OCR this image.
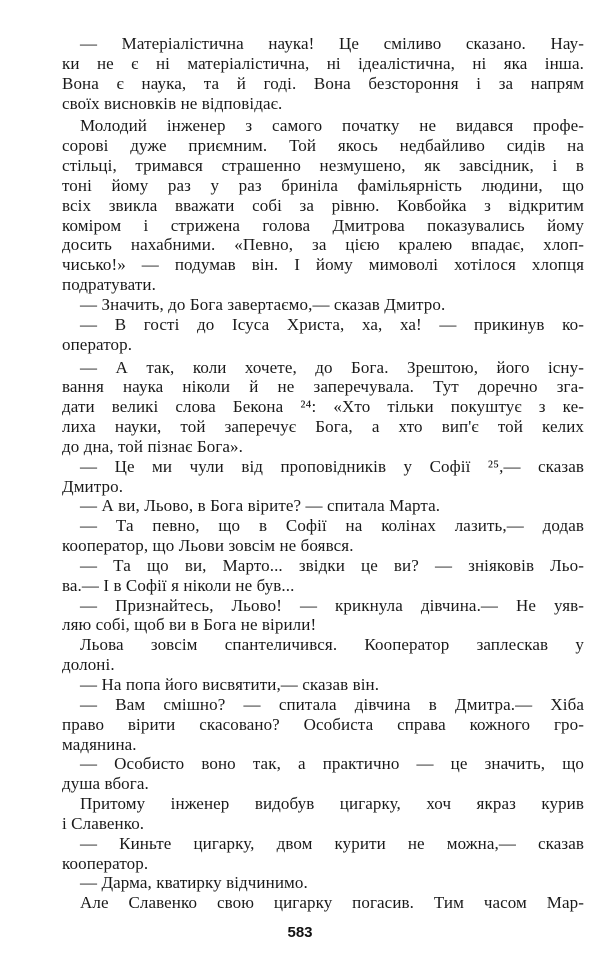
— Матеріалістична наука! Це сміливо сказано. Нау-
ки не є ні матеріалістична, ні ідеалістична, ні яка інша.
Вона є наука, та й годі. Вона безстороння і за напрям
своїх висновків не відповідає.
Молодий інженер з самого початку не видався профе-
сорові дуже приємним. Той якось недбайливо сидів на
стільці, тримався страшенно незмушено, як завсідник, і в
тоні йому раз у раз бриніла фамільярність людини, що
всіх звикла вважати собі за рівню. Ковбойка з відкритим
коміром і стрижена голова Дмитрова показувались йому
досить нахабними. «Певно, за цією кралею впадає, хлоп-
чисько!» — подумав він. І йому мимоволі хотілося хлопця
подратувати.
— Значить, до Бога завертаємо,— сказав Дмитро.
— В гості до Ісуса Христа, ха, ха! — прикинув ко-
оператор.
— А так, коли хочете, до Бога. Зрештою, його існу-
вання наука ніколи й не заперечувала. Тут доречно зга-
дати великі слова Бекона ²⁴: «Хто тільки покуштує з ке-
лиха науки, той заперечує Бога, а хто вип'є той келих
до дна, той пізнає Бога».
— Це ми чули від проповідників у Софії ²⁵,— сказав
Дмитро.
— А ви, Льово, в Бога вірите? — спитала Марта.
— Та певно, що в Софії на колінах лазить,— додав
кооператор, що Льови зовсім не боявся.
— Та що ви, Марто... звідки це ви? — зніяковів Льо-
ва.— І в Софії я ніколи не був...
— Признайтесь, Льово! — крикнула дівчина.— Не уяв-
ляю собі, щоб ви в Бога не вірили!
Льова зовсім спантеличився. Кооператор заплескав у
долоні.
— На попа його висвятити,— сказав він.
— Вам смішно? — спитала дівчина в Дмитра.— Хіба
право вірити скасовано? Особиста справа кожного гро-
мадянина.
— Особисто воно так, а практично — це значить, що
душа вбога.
Притому інженер видобув цигарку, хоч якраз курив
і Славенко.
— Киньте цигарку, двом курити не можна,— сказав
кооператор.
— Дарма, кватирку відчинимо.
Але Славенко свою цигарку погасив. Тим часом Мар-
583
